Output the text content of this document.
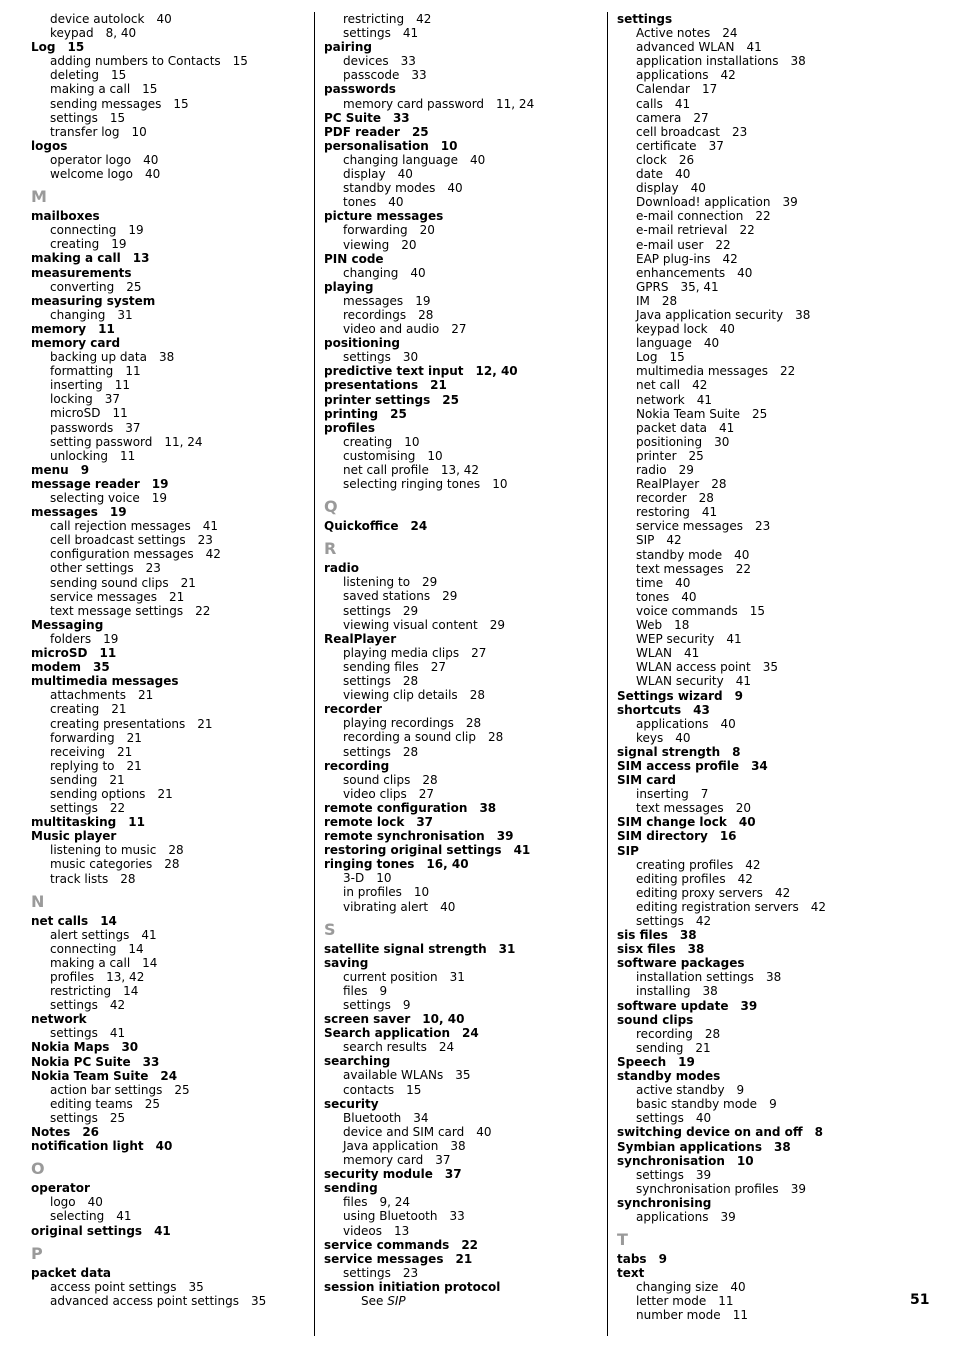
device autolock 40
keypad 8, 40
Log 15
adding numbers to Contacts 15
deleting 15
making a call 15
sending messages 15
settings 15
transfer log 10
logos
operator logo 40
welcome logo 40
M
mailboxes
connecting 19
creating 19
making a call 13
measurements
converting 25
measuring system
changing 31
memory 11
memory card
backing up data 38
formatting 11
inserting 11
locking 37
microSD 11
passwords 37
setting password 11, 24
unlocking 11
menu 9
message reader 19
selecting voice 19
messages 19
call rejection messages 41
cell broadcast settings 23
configuration messages 42
other settings 23
sending sound clips 21
service messages 21
text message settings 22
Messaging
folders 19
microSD 11
modem 35
multimedia messages
attachments 21
creating 21
creating presentations 21
forwarding 21
receiving 21
replying to 21
sending 21
sending options 21
settings 22
multitasking 11
Music player
listening to music 28
music categories 28
track lists 28
N
net calls 14
alert settings 41
connecting 14
making a call 14
profiles 13, 42
restricting 14
settings 42
network
settings 41
Nokia Maps 30
Nokia PC Suite 33
Nokia Team Suite 24
action bar settings 25
editing teams 25
settings 25
Notes 26
notification light 40
O
operator
logo 40
selecting 41
original settings 41
P
packet data
access point settings 35
advanced access point settings 35
restricting 42
settings 41
pairing
devices 33
passcode 33
passwords
memory card password 11, 24
PC Suite 33
PDF reader 25
personalisation 10
changing language 40
display 40
standby modes 40
tones 40
picture messages
forwarding 20
viewing 20
PIN code
changing 40
playing
messages 19
recordings 28
video and audio 27
positioning
settings 30
predictive text input 12, 40
presentations 21
printer settings 25
printing 25
profiles
creating 10
customising 10
net call profile 13, 42
selecting ringing tones 10
Q
Quickoffice 24
R
radio
listening to 29
saved stations 29
settings 29
viewing visual content 29
RealPlayer
playing media clips 27
sending files 27
settings 28
viewing clip details 28
recorder
playing recordings 28
recording a sound clip 28
settings 28
recording
sound clips 28
video clips 27
remote configuration 38
remote lock 37
remote synchronisation 39
restoring original settings 41
ringing tones 16, 40
3-D 10
in profiles 10
vibrating alert 40
S
satellite signal strength 31
saving
current position 31
files 9
settings 9
screen saver 10, 40
Search application 24
search results 24
searching
available WLANs 35
contacts 15
security
Bluetooth 34
device and SIM card 40
Java application 38
memory card 37
security module 37
sending
files 9, 24
using Bluetooth 33
videos 13
service commands 22
service messages 21
settings 23
session initiation protocol
See SIP
settings
Active notes 24
advanced WLAN 41
application installations 38
applications 42
Calendar 17
calls 41
camera 27
cell broadcast 23
certificate 37
clock 26
date 40
display 40
Download! application 39
e-mail connection 22
e-mail retrieval 22
e-mail user 22
EAP plug-ins 42
enhancements 40
GPRS 35, 41
IM 28
Java application security 38
keypad lock 40
language 40
Log 15
multimedia messages 22
net call 42
network 41
Nokia Team Suite 25
packet data 41
positioning 30
printer 25
radio 29
RealPlayer 28
recorder 28
restoring 41
service messages 23
SIP 42
standby mode 40
text messages 22
time 40
tones 40
voice commands 15
Web 18
WEP security 41
WLAN 41
WLAN access point 35
WLAN security 41
Settings wizard 9
shortcuts 43
applications 40
keys 40
signal strength 8
SIM access profile 34
SIM card
inserting 7
text messages 20
SIM change lock 40
SIM directory 16
SIP
creating profiles 42
editing profiles 42
editing proxy servers 42
editing registration servers 42
settings 42
sis files 38
sisx files 38
software packages
installation settings 38
installing 38
software update 39
sound clips
recording 28
sending 21
Speech 19
standby modes
active standby 9
basic standby mode 9
settings 40
switching device on and off 8
Symbian applications 38
synchronisation 10
settings 39
synchronisation profiles 39
synchronising
applications 39
T
tabs 9
text
changing size 40
letter mode 11
number mode 11
51
